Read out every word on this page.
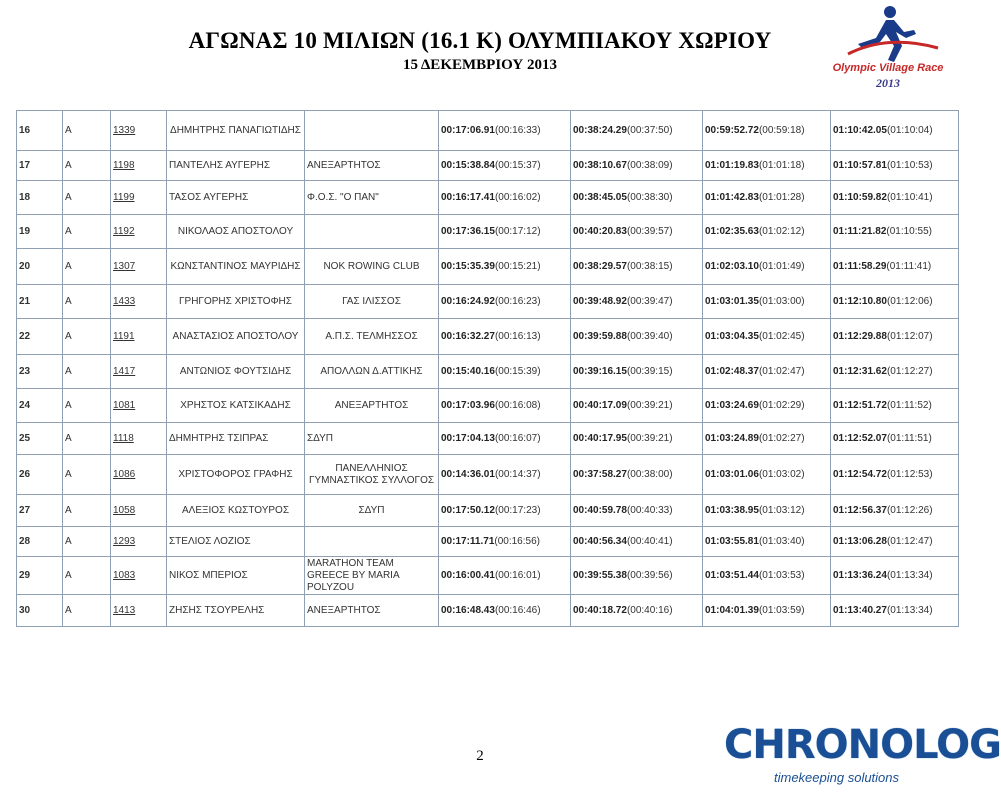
ΑΓΩΝΑΣ 10 ΜΙΛΙΩΝ (16.1 Κ) ΟΛΥΜΠΙΑΚΟΥ ΧΩΡΙΟΥ
15 ΔΕΚΕΜΒΡΙΟΥ 2013	Olympic Village Race
2013
16	Α	1339	ΔΗΜΗΤΡΗΣ ΠΑΝΑΓΙΩΤΙΔΗΣ		00:17:06.91(00:16:33)	00:38:24.29(00:37:50)	00:59:52.72(00:59:18)	01:10:42.05(01:10:04)
17	Α	1198	ΠΑΝΤΕΛΗΣ ΑΥΓΕΡΗΣ	ΑΝΕΞΑΡΤΗΤΟΣ	00:15:38.84(00:15:37)	00:38:10.67(00:38:09)	01:01:19.83(01:01:18)	01:10:57.81(01:10:53)
18	Α	1199	ΤΑΣΟΣ ΑΥΓΕΡΗΣ	Φ.Ο.Σ. "Ο ΠΑΝ"	00:16:17.41(00:16:02)	00:38:45.05(00:38:30)	01:01:42.83(01:01:28)	01:10:59.82(01:10:41)
19	Α	1192	ΝΙΚΟΛΑΟΣ ΑΠΟΣΤΟΛΟΥ		00:17:36.15(00:17:12)	00:40:20.83(00:39:57)	01:02:35.63(01:02:12)	01:11:21.82(01:10:55)
20	Α	1307	ΚΩΝΣΤΑΝΤΙΝΟΣ ΜΑΥΡΙΔΗΣ	NOK ROWING CLUB	00:15:35.39(00:15:21)	00:38:29.57(00:38:15)	01:02:03.10(01:01:49)	01:11:58.29(01:11:41)
21	Α	1433	ΓΡΗΓΟΡΗΣ ΧΡΙΣΤΟΦΗΣ	ΓΑΣ ΙΛΙΣΣΟΣ	00:16:24.92(00:16:23)	00:39:48.92(00:39:47)	01:03:01.35(01:03:00)	01:12:10.80(01:12:06)
22	Α	1191	ΑΝΑΣΤΑΣΙΟΣ ΑΠΟΣΤΟΛΟΥ	Α.Π.Σ. ΤΕΛΜΗΣΣΟΣ	00:16:32.27(00:16:13)	00:39:59.88(00:39:40)	01:03:04.35(01:02:45)	01:12:29.88(01:12:07)
23	Α	1417	ΑΝΤΩΝΙΟΣ ΦΟΥΤΣΙΔΗΣ	ΑΠΟΛΛΩΝ Δ.ΑΤΤΙΚΗΣ	00:15:40.16(00:15:39)	00:39:16.15(00:39:15)	01:02:48.37(01:02:47)	01:12:31.62(01:12:27)
24	Α	1081	ΧΡΗΣΤΟΣ ΚΑΤΣΙΚΑΔΗΣ	ΑΝΕΞΑΡΤΗΤΟΣ	00:17:03.96(00:16:08)	00:40:17.09(00:39:21)	01:03:24.69(01:02:29)	01:12:51.72(01:11:52)
25	Α	1118	ΔΗΜΗΤΡΗΣ ΤΣΙΠΡΑΣ	ΣΔΥΠ	00:17:04.13(00:16:07)	00:40:17.95(00:39:21)	01:03:24.89(01:02:27)	01:12:52.07(01:11:51)
26	Α	1086	ΧΡΙΣΤΟΦΟΡΟΣ ΓΡΑΦΗΣ	ΠΑΝΕΛΛΗΝΙΟΣ ΓΥΜΝΑΣΤΙΚΟΣ ΣΥΛΛΟΓΟΣ	00:14:36.01(00:14:37)	00:37:58.27(00:38:00)	01:03:01.06(01:03:02)	01:12:54.72(01:12:53)
27	Α	1058	ΑΛΕΞΙΟΣ ΚΩΣΤΟΥΡΟΣ	ΣΔΥΠ	00:17:50.12(00:17:23)	00:40:59.78(00:40:33)	01:03:38.95(01:03:12)	01:12:56.37(01:12:26)
28	Α	1293	ΣΤΕΛΙΟΣ ΛΟΖΙΟΣ		00:17:11.71(00:16:56)	00:40:56.34(00:40:41)	01:03:55.81(01:03:40)	01:13:06.28(01:12:47)
29	Α	1083	ΝΙΚΟΣ ΜΠΕΡΙΟΣ	MARATHON TEAM GREECE BY MARIA POLYZOU	00:16:00.41(00:16:01)	00:39:55.38(00:39:56)	01:03:51.44(01:03:53)	01:13:36.24(01:13:34)
30	Α	1413	ΖΗΣΗΣ ΤΣΟΥΡΕΛΗΣ	ΑΝΕΞΑΡΤΗΤΟΣ	00:16:48.43(00:16:46)	00:40:18.72(00:40:16)	01:04:01.39(01:03:59)	01:13:40.27(01:13:34)
2	CHRONOLOG
timekeeping solutions
